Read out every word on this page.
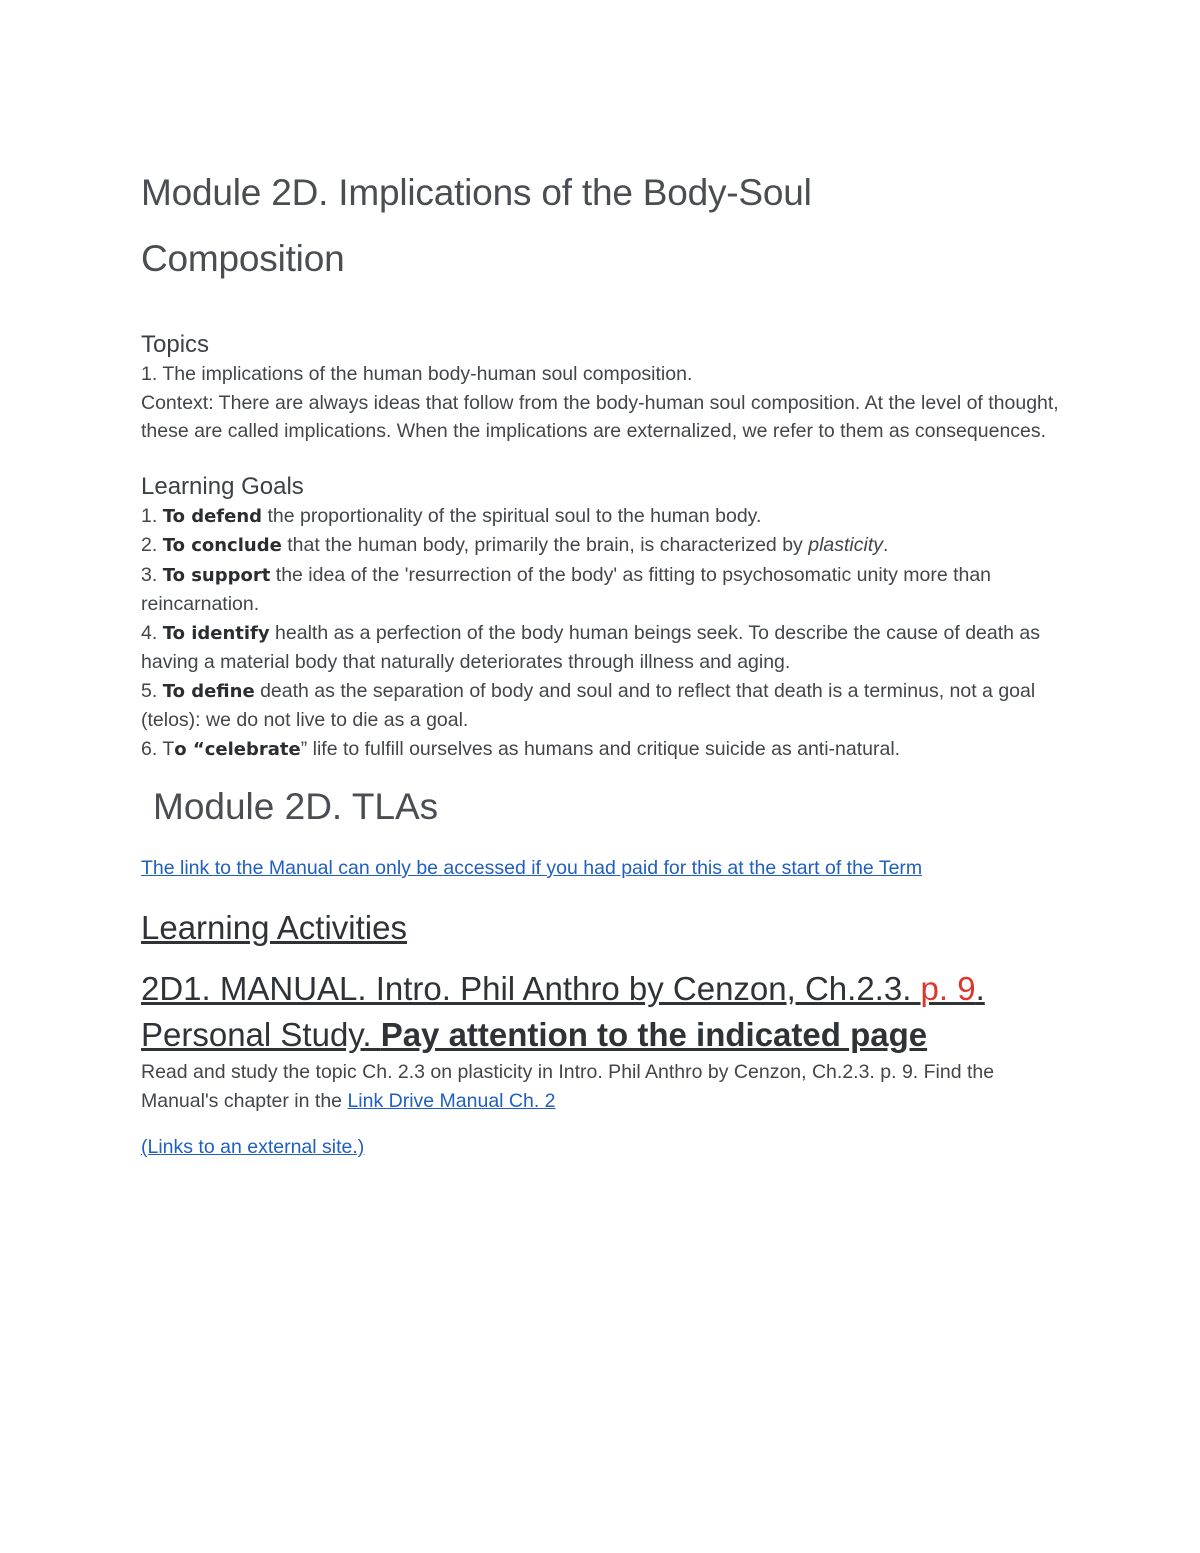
Module 2D. Implications of the Body-Soul
Composition
Topics

1. The implications of the human body-human soul composition.

Context: There are always ideas that follow from the body-human soul composition. At the level of thought, these are called implications. When the implications are externalized, we refer to them as consequences.

Learning Goals

1. To defend the proportionality of the spiritual soul to the human body.

2. To conclude that the human body, primarily the brain, is characterized by plasticity.

3. To support the idea of the 'resurrection of the body' as fitting to psychosomatic unity more than reincarnation.

4. To identify health as a perfection of the body human beings seek. To describe the cause of death as having a material body that naturally deteriorates through illness and aging.

5. To define death as the separation of body and soul and to reflect that death is a terminus, not a goal (telos): we do not live to die as a goal.

6. To “celebrate” life to fulfill ourselves as humans and critique suicide as anti-natural.

Module 2D. TLAs
The link to the Manual can only be accessed if you had paid for this at the start of the Term
Learning Activities
2D1. MANUAL. Intro. Phil Anthro by Cenzon, Ch.2.3. p. 9. Personal Study. Pay attention to the indicated page

Read and study the topic Ch. 2.3 on plasticity in Intro. Phil Anthro by Cenzon, Ch.2.3. p. 9. Find the Manual's chapter in the Link Drive Manual Ch. 2

(Links to an external site.)
